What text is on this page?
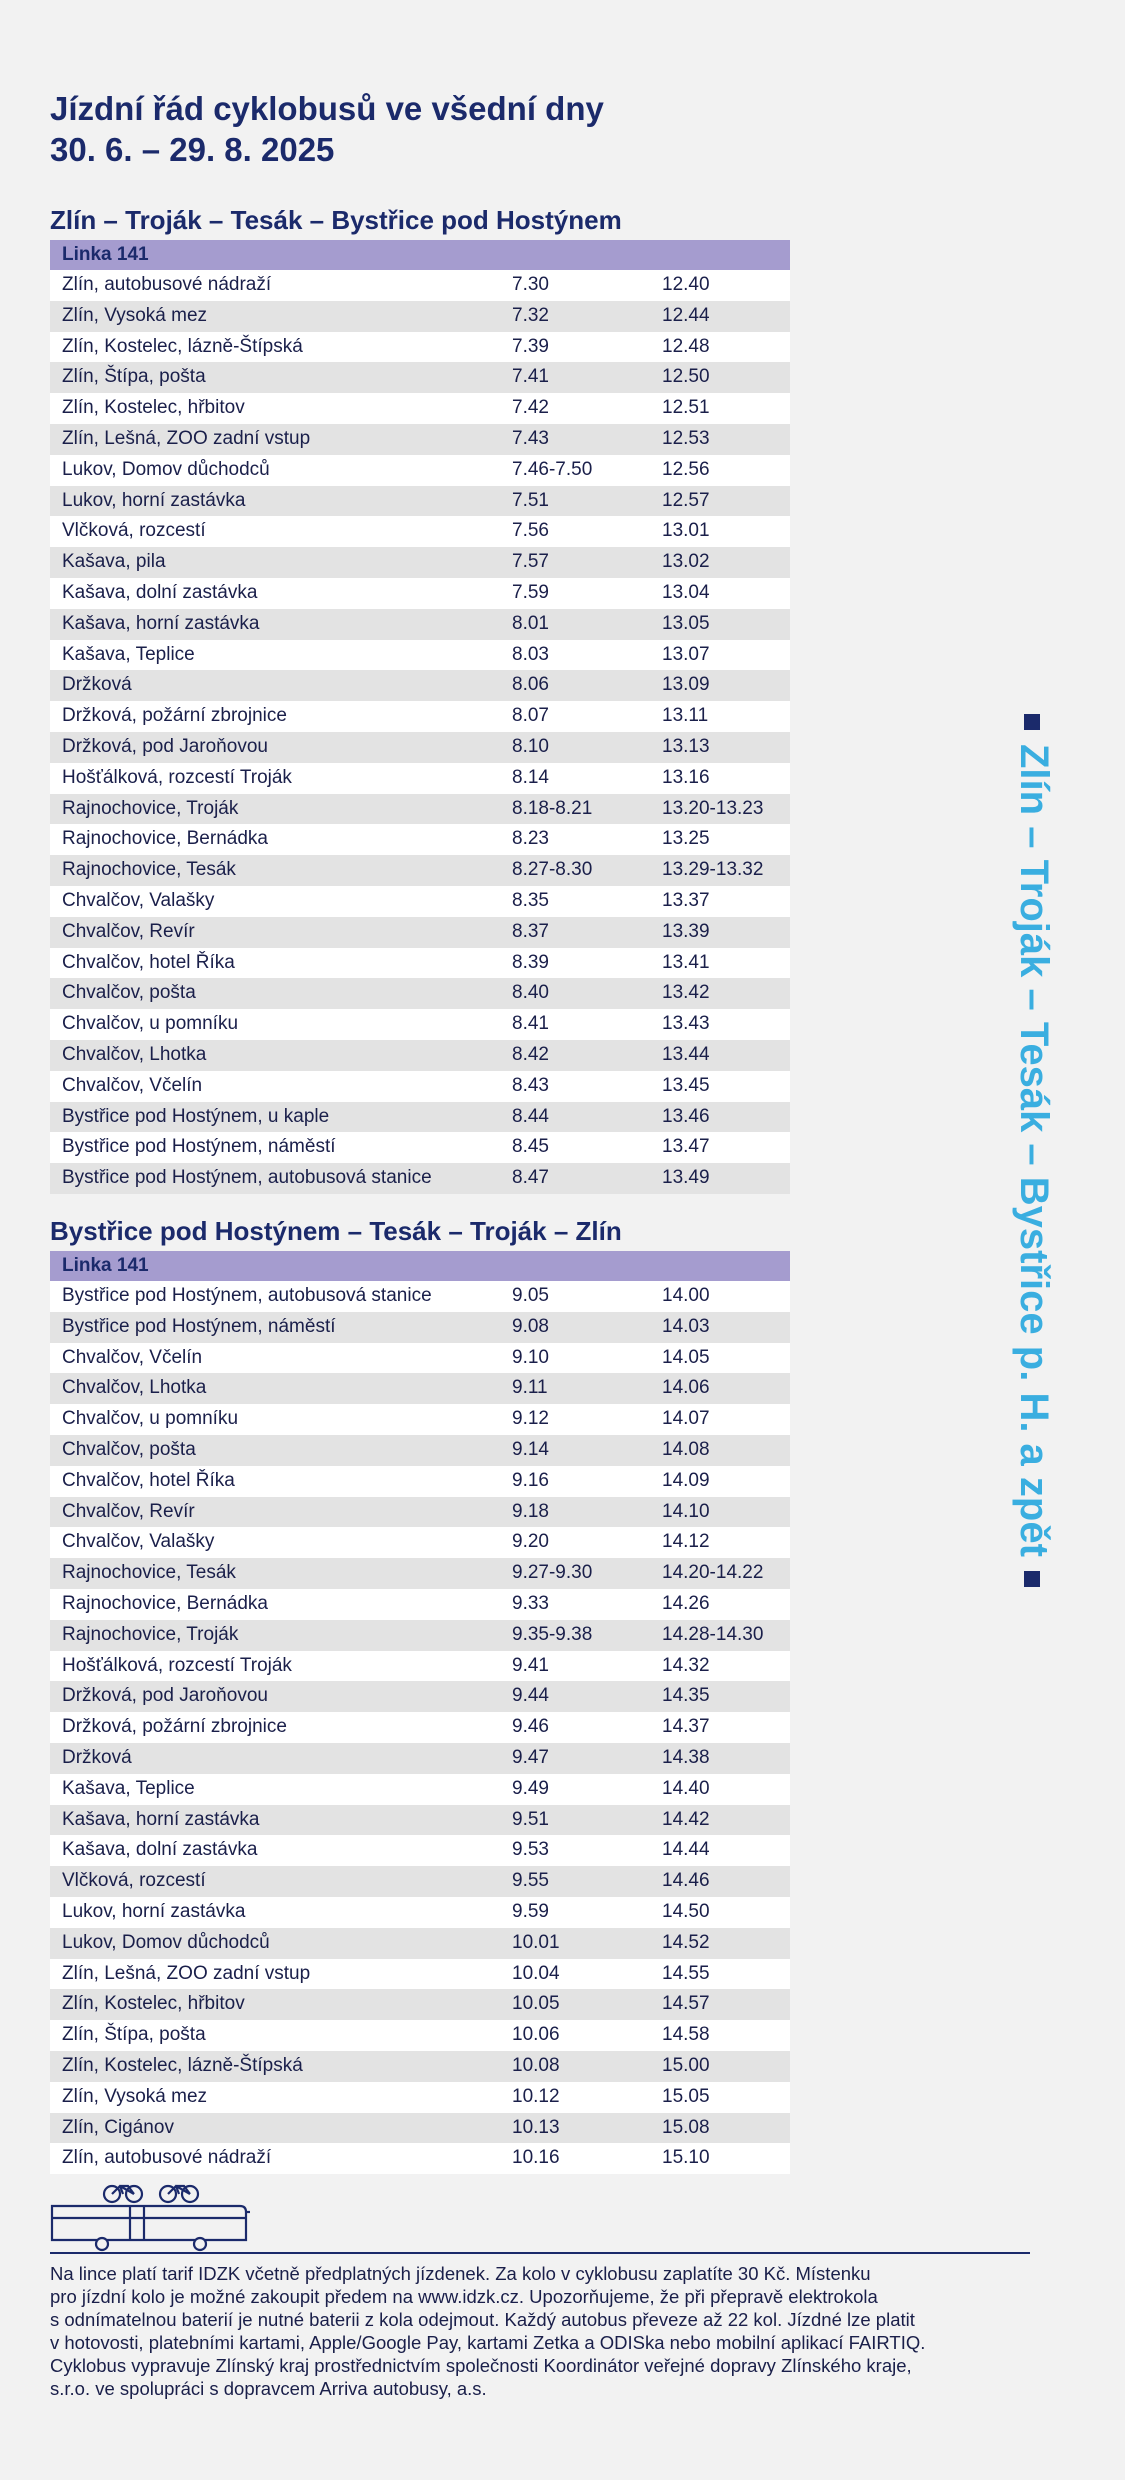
Jízdní řád cyklobusů ve všední dny
30. 6. – 29. 8. 2025
Zlín – Troják – Tesák – Bystřice pod Hostýnem
Linka 141
Zlín, autobusové nádraží	7.30	12.40
Zlín, Vysoká mez	7.32	12.44
Zlín, Kostelec, lázně-Štípská	7.39	12.48
Zlín, Štípa, pošta	7.41	12.50
Zlín, Kostelec, hřbitov	7.42	12.51
Zlín, Lešná, ZOO zadní vstup	7.43	12.53
Lukov, Domov důchodců	7.46-7.50	12.56
Lukov, horní zastávka	7.51	12.57
Vlčková, rozcestí	7.56	13.01
Kašava, pila	7.57	13.02
Kašava, dolní zastávka	7.59	13.04
Kašava, horní zastávka	8.01	13.05
Kašava, Teplice	8.03	13.07
Držková	8.06	13.09
Držková, požární zbrojnice	8.07	13.11
Držková, pod Jaroňovou	8.10	13.13
Hošťálková, rozcestí Troják	8.14	13.16
Rajnochovice, Troják	8.18-8.21	13.20-13.23
Rajnochovice, Bernádka	8.23	13.25
Rajnochovice, Tesák	8.27-8.30	13.29-13.32
Chvalčov, Valašky	8.35	13.37
Chvalčov, Revír	8.37	13.39
Chvalčov, hotel Říka	8.39	13.41
Chvalčov, pošta	8.40	13.42
Chvalčov, u pomníku	8.41	13.43
Chvalčov, Lhotka	8.42	13.44
Chvalčov, Včelín	8.43	13.45
Bystřice pod Hostýnem, u kaple	8.44	13.46
Bystřice pod Hostýnem, náměstí	8.45	13.47
Bystřice pod Hostýnem, autobusová stanice	8.47	13.49
Bystřice pod Hostýnem – Tesák – Troják – Zlín
Linka 141
Bystřice pod Hostýnem, autobusová stanice	9.05	14.00
Bystřice pod Hostýnem, náměstí	9.08	14.03
Chvalčov, Včelín	9.10	14.05
Chvalčov, Lhotka	9.11	14.06
Chvalčov, u pomníku	9.12	14.07
Chvalčov, pošta	9.14	14.08
Chvalčov, hotel Říka	9.16	14.09
Chvalčov, Revír	9.18	14.10
Chvalčov, Valašky	9.20	14.12
Rajnochovice, Tesák	9.27-9.30	14.20-14.22
Rajnochovice, Bernádka	9.33	14.26
Rajnochovice, Troják	9.35-9.38	14.28-14.30
Hošťálková, rozcestí Troják	9.41	14.32
Držková, pod Jaroňovou	9.44	14.35
Držková, požární zbrojnice	9.46	14.37
Držková	9.47	14.38
Kašava, Teplice	9.49	14.40
Kašava, horní zastávka	9.51	14.42
Kašava, dolní zastávka	9.53	14.44
Vlčková, rozcestí	9.55	14.46
Lukov, horní zastávka	9.59	14.50
Lukov, Domov důchodců	10.01	14.52
Zlín, Lešná, ZOO zadní vstup	10.04	14.55
Zlín, Kostelec, hřbitov	10.05	14.57
Zlín, Štípa, pošta	10.06	14.58
Zlín, Kostelec, lázně-Štípská	10.08	15.00
Zlín, Vysoká mez	10.12	15.05
Zlín, Cigánov	10.13	15.08
Zlín, autobusové nádraží	10.16	15.10
Zlín – Troják – Tesák – Bystřice p. H. a zpět
Na lince platí tarif IDZK včetně předplatných jízdenek. Za kolo v cyklobusu zaplatíte 30 Kč. Místenku
pro jízdní kolo je možné zakoupit předem na www.idzk.cz. Upozorňujeme, že při přepravě elektrokola
s odnímatelnou baterií je nutné baterii z kola odejmout. Každý autobus převeze až 22 kol. Jízdné lze platit
v hotovosti, platebními kartami, Apple/Google Pay, kartami Zetka a ODISka nebo mobilní aplikací FAIRTIQ.
Cyklobus vypravuje Zlínský kraj prostřednictvím společnosti Koordinátor veřejné dopravy Zlínského kraje,
s.r.o. ve spolupráci s dopravcem Arriva autobusy, a.s.
